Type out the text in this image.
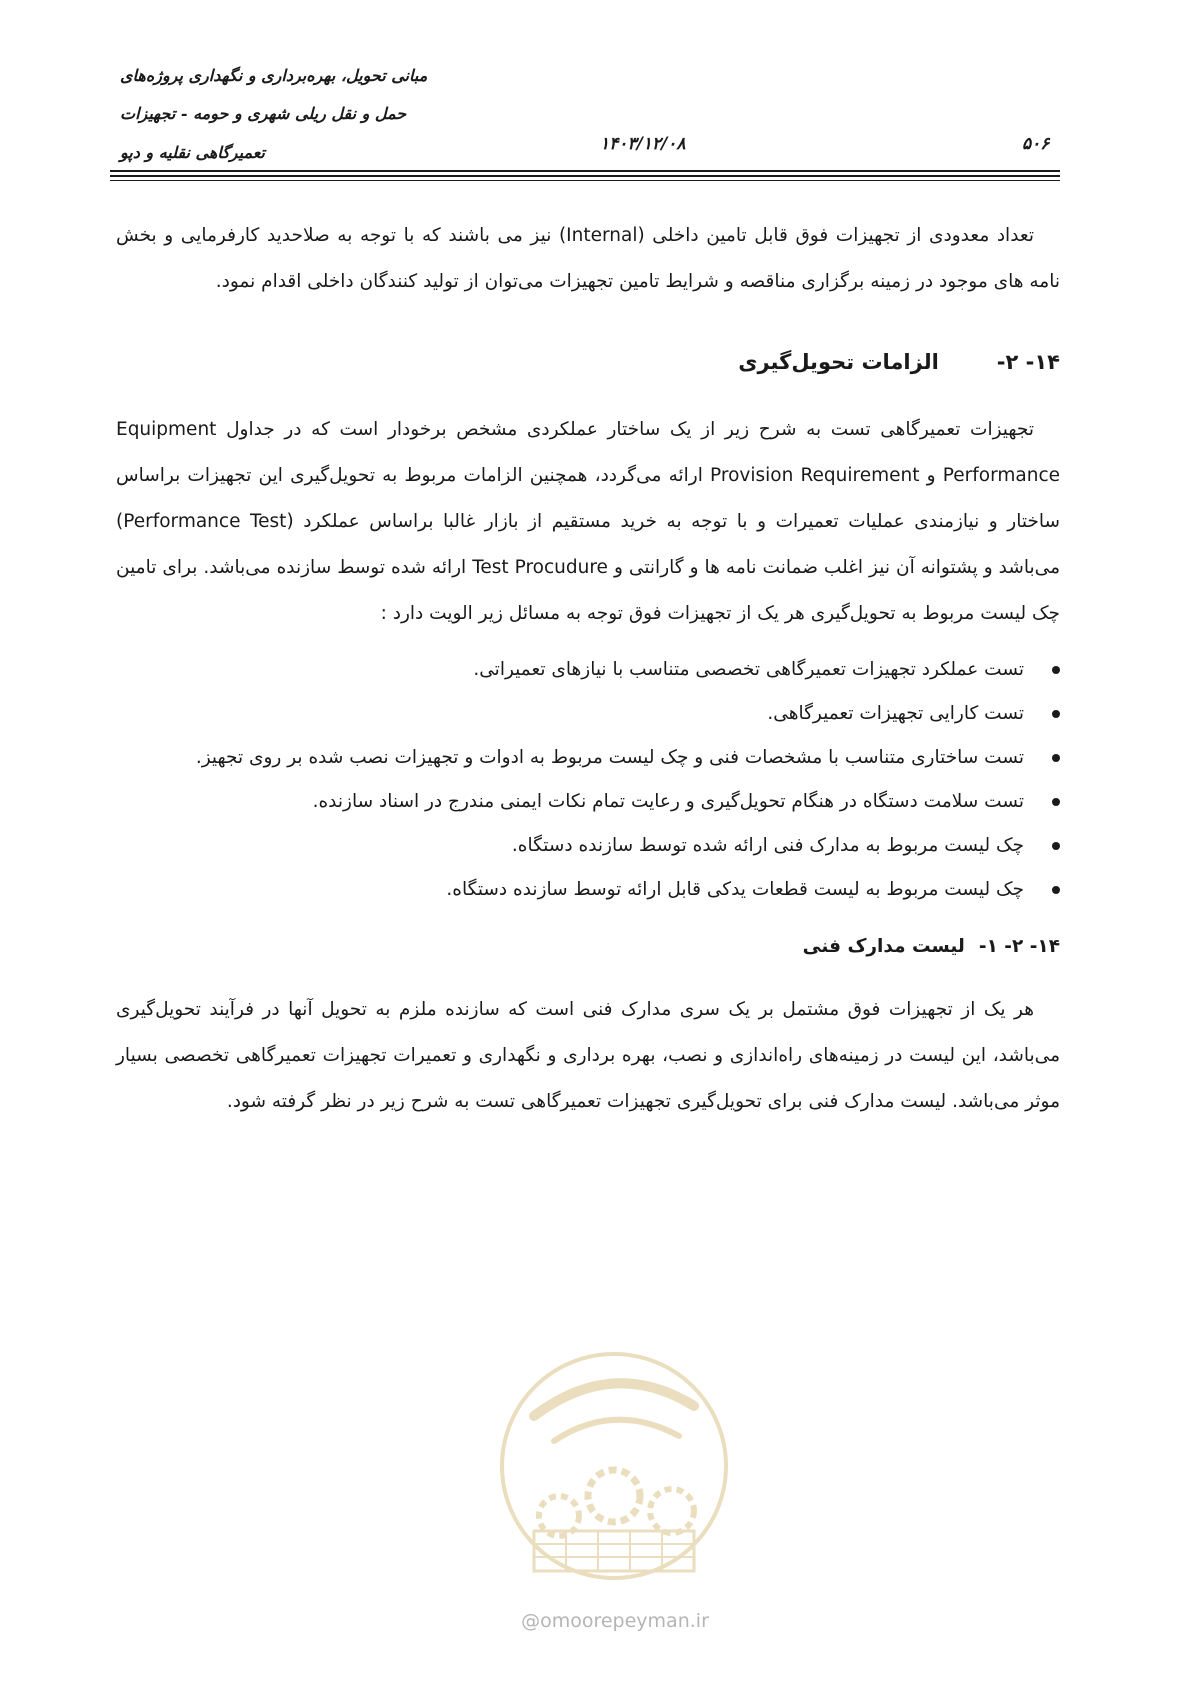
مبانی تحویل، بهره‌برداری و نگهداری پروژه‌های
حمل و نقل ریلی شهری و حومه - تجهیزات
تعمیرگاهی نقلیه و دپو	۱۴۰۳/۱۲/۰۸	۵۰۶

تعداد معدودی از تجهیزات فوق قابل تامین داخلی (Internal) نیز می باشند که با توجه به صلاحدید کارفرمایی و بخش نامه های موجود در زمینه برگزاری مناقصه و شرایط تامین تجهیزات می‌توان از تولید کنندگان داخلی اقدام نمود.

۱۴- ۲-الزامات تحویل‌گیری

تجهیزات تعمیرگاهی تست به شرح زیر از یک ساختار عملکردی مشخص برخودار است که در جداول Equipment Performance و Provision Requirement ارائه می‌گردد، همچنین الزامات مربوط به تحویل‌گیری این تجهیزات براساس ساختار و نیازمندی عملیات تعمیرات و با توجه به خرید مستقیم از بازار غالبا براساس عملکرد (Performance Test) می‌باشد و پشتوانه آن نیز اغلب ضمانت نامه ها و گارانتی و Test Procudure ارائه شده توسط سازنده می‌باشد. برای تامین چک لیست مربوط به تحویل‌گیری هر یک از تجهیزات فوق توجه به مسائل زیر الویت دارد :

تست عملکرد تجهیزات تعمیرگاهی تخصصی متناسب با نیازهای تعمیراتی.
تست کارایی تجهیزات تعمیرگاهی.
تست ساختاری متناسب با مشخصات فنی و چک لیست مربوط به ادوات و تجهیزات نصب شده بر روی تجهیز.
تست سلامت دستگاه در هنگام تحویل‌گیری و رعایت تمام نکات ایمنی مندرج در اسناد سازنده.
چک لیست مربوط به مدارک فنی ارائه شده توسط سازنده دستگاه.
چک لیست مربوط به لیست قطعات یدکی قابل ارائه توسط سازنده دستگاه.
۱۴- ۲- ۱-لیست مدارک فنی

هر یک از تجهیزات فوق مشتمل بر یک سری مدارک فنی است که سازنده ملزم به تحویل آنها در فرآیند تحویل‌گیری می‌باشد، این لیست در زمینه‌های راه‌اندازی و نصب، بهره برداری و نگهداری و تعمیرات تجهیزات تعمیرگاهی تخصصی بسیار موثر می‌باشد. لیست مدارک فنی برای تحویل‌گیری تجهیزات تعمیرگاهی تست به شرح زیر در نظر گرفته شود.

@omoorepeyman.ir
